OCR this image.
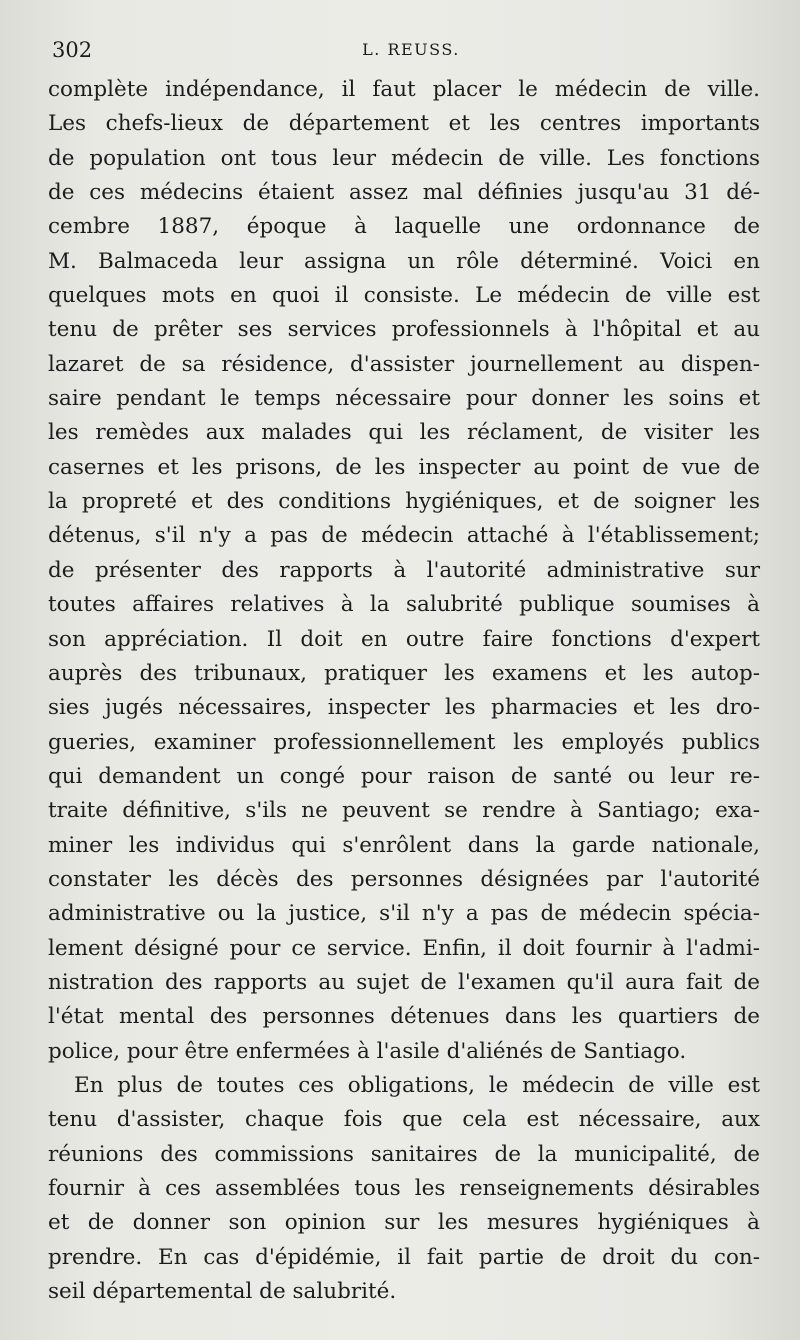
302	L. REUSS.
complète indépendance, il faut placer le médecin de ville.
Les chefs-lieux de département et les centres importants
de population ont tous leur médecin de ville. Les fonctions
de ces médecins étaient assez mal définies jusqu'au 31 dé-
cembre 1887, époque à laquelle une ordonnance de
M. Balmaceda leur assigna un rôle déterminé. Voici en
quelques mots en quoi il consiste. Le médecin de ville est
tenu de prêter ses services professionnels à l'hôpital et au
lazaret de sa résidence, d'assister journellement au dispen-
saire pendant le temps nécessaire pour donner les soins et
les remèdes aux malades qui les réclament, de visiter les
casernes et les prisons, de les inspecter au point de vue de
la propreté et des conditions hygiéniques, et de soigner les
détenus, s'il n'y a pas de médecin attaché à l'établissement;
de présenter des rapports à l'autorité administrative sur
toutes affaires relatives à la salubrité publique soumises à
son appréciation. Il doit en outre faire fonctions d'expert
auprès des tribunaux, pratiquer les examens et les autop-
sies jugés nécessaires, inspecter les pharmacies et les dro-
gueries, examiner professionnellement les employés publics
qui demandent un congé pour raison de santé ou leur re-
traite définitive, s'ils ne peuvent se rendre à Santiago; exa-
miner les individus qui s'enrôlent dans la garde nationale,
constater les décès des personnes désignées par l'autorité
administrative ou la justice, s'il n'y a pas de médecin spécia-
lement désigné pour ce service. Enfin, il doit fournir à l'admi-
nistration des rapports au sujet de l'examen qu'il aura fait de
l'état mental des personnes détenues dans les quartiers de
police, pour être enfermées à l'asile d'aliénés de Santiago.
En plus de toutes ces obligations, le médecin de ville est
tenu d'assister, chaque fois que cela est nécessaire, aux
réunions des commissions sanitaires de la municipalité, de
fournir à ces assemblées tous les renseignements désirables
et de donner son opinion sur les mesures hygiéniques à
prendre. En cas d'épidémie, il fait partie de droit du con-
seil départemental de salubrité.
